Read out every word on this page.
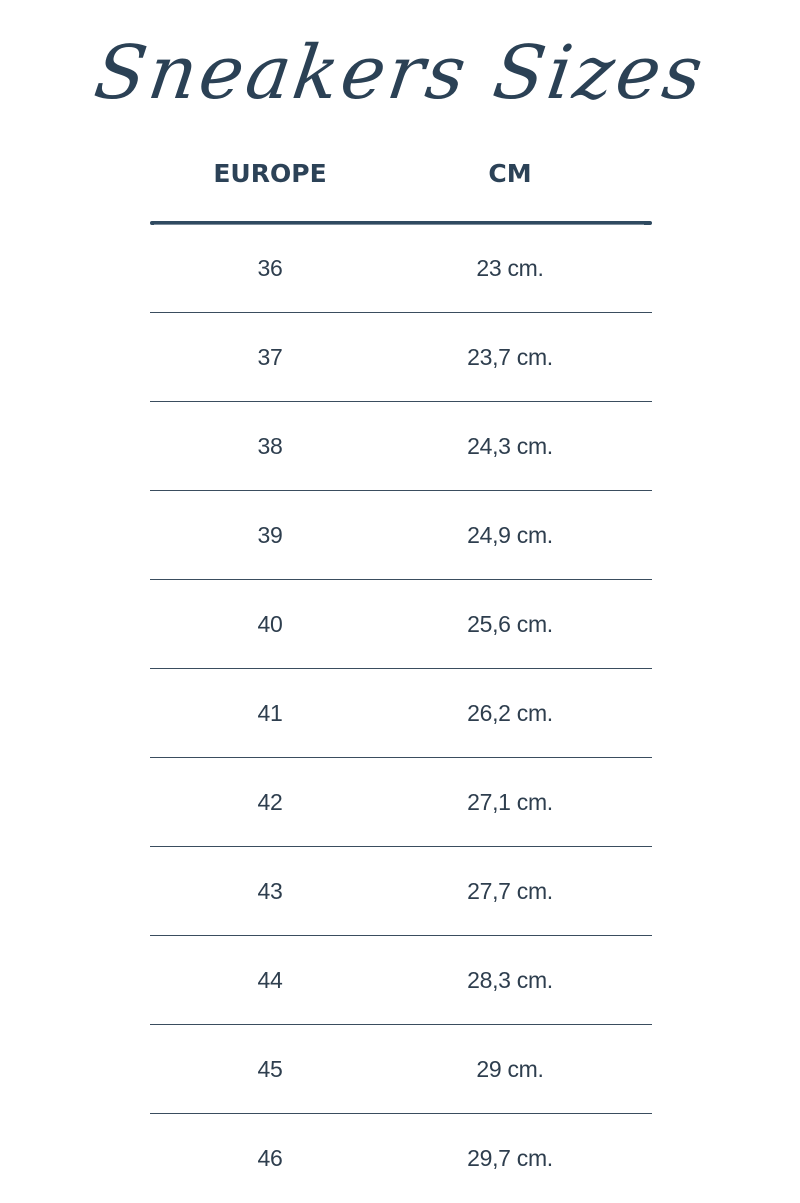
Sneakers Sizes
EUROPE	CM
36	23 cm.
37	23,7 cm.
38	24,3 cm.
39	24,9 cm.
40	25,6 cm.
41	26,2 cm.
42	27,1 cm.
43	27,7 cm.
44	28,3 cm.
45	29 cm.
46	29,7 cm.
